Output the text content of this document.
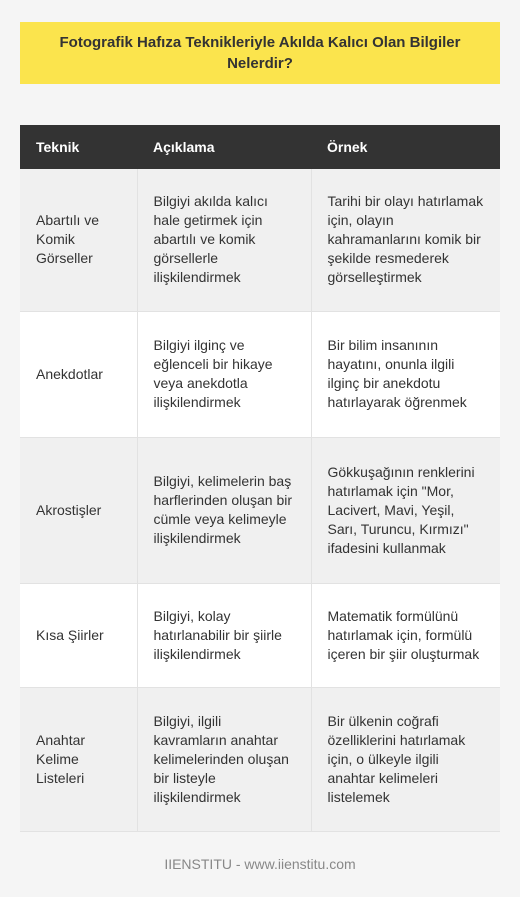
Fotografik Hafıza Teknikleriyle Akılda Kalıcı Olan Bilgiler Nelerdir?
Teknik	Açıklama	Örnek
Abartılı ve Komik Görseller	Bilgiyi akılda kalıcı hale getirmek için abartılı ve komik görsellerle ilişkilendirmek	Tarihi bir olayı hatırlamak için, olayın kahramanlarını komik bir şekilde resmederek görselleştirmek
Anekdotlar	Bilgiyi ilginç ve eğlenceli bir hikaye veya anekdotla ilişkilendirmek	Bir bilim insanının hayatını, onunla ilgili ilginç bir anekdotu hatırlayarak öğrenmek
Akrostişler	Bilgiyi, kelimelerin baş harflerinden oluşan bir cümle veya kelimeyle ilişkilendirmek	Gökkuşağının renklerini hatırlamak için "Mor, Lacivert, Mavi, Yeşil, Sarı, Turuncu, Kırmızı" ifadesini kullanmak
Kısa Şiirler	Bilgiyi, kolay hatırlanabilir bir şiirle ilişkilendirmek	Matematik formülünü hatırlamak için, formülü içeren bir şiir oluşturmak
Anahtar Kelime Listeleri	Bilgiyi, ilgili kavramların anahtar kelimelerinden oluşan bir listeyle ilişkilendirmek	Bir ülkenin coğrafi özelliklerini hatırlamak için, o ülkeyle ilgili anahtar kelimeleri listelemek
IIENSTITU - www.iienstitu.com
